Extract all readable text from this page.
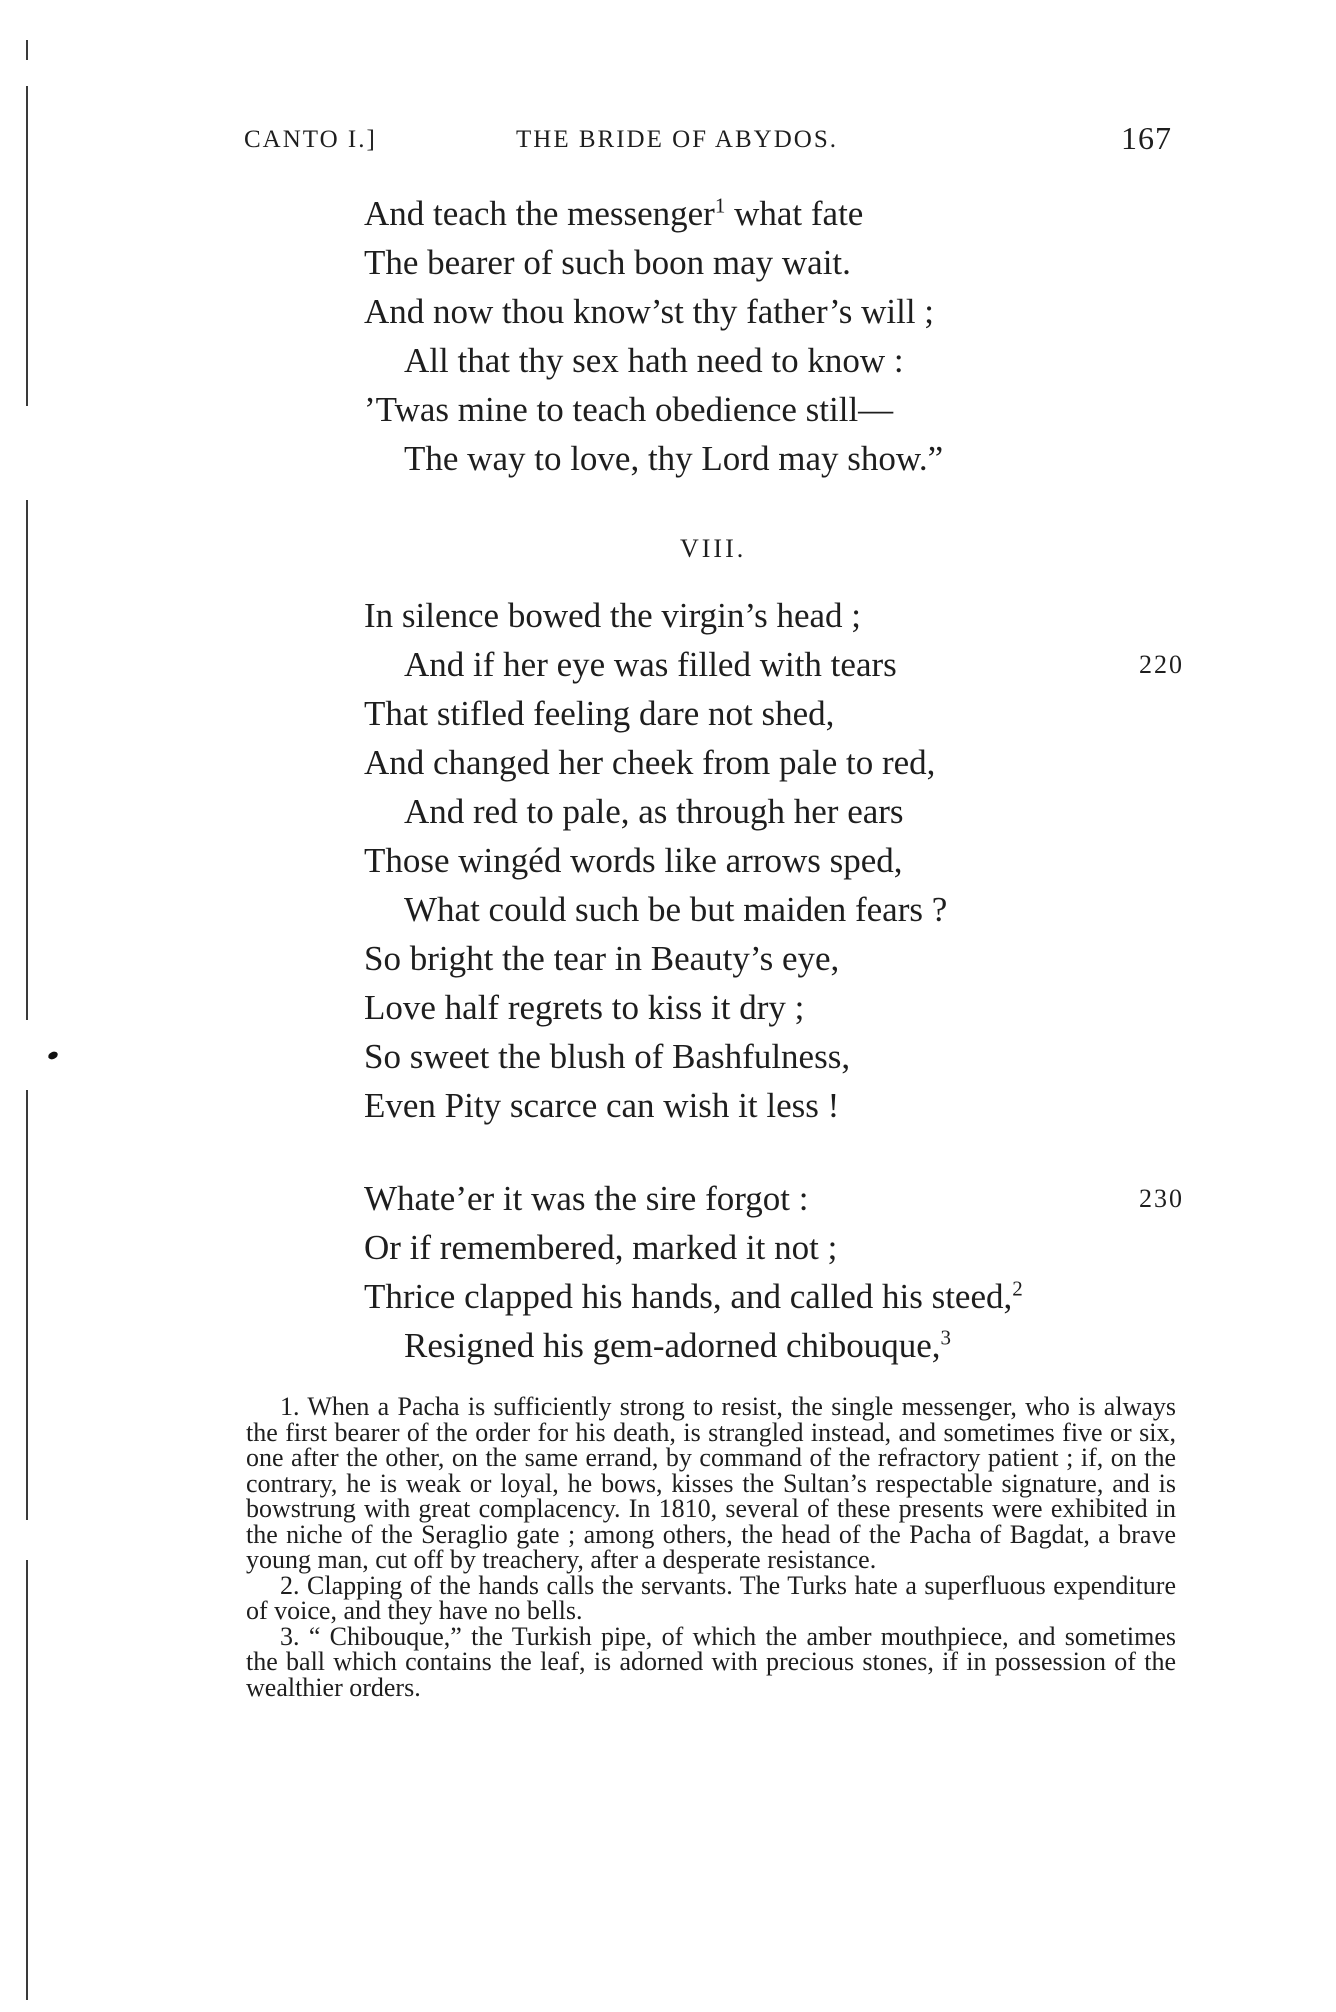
CANTO I.]	THE BRIDE OF ABYDOS.	167
And teach the messenger$^1$ what fate
The bearer of such boon may wait.
And now thou know’st thy father’s will ;
All that thy sex hath need to know :
’Twas mine to teach obedience still—
The way to love, thy Lord may show.”
In silence bowed the virgin’s head ;
And if her eye was filled with tears	220
That stifled feeling dare not shed,
And changed her cheek from pale to red,
And red to pale, as through her ears
Those wingéd words like arrows sped,
What could such be but maiden fears ?
So bright the tear in Beauty’s eye,
Love half regrets to kiss it dry ;
So sweet the blush of Bashfulness,
Even Pity scarce can wish it less !
Whate’er it was the sire forgot :	230
Or if remembered, marked it not ;
Thrice clapped his hands, and called his steed,$^2$
Resigned his gem-adorned chibouque,$^3$
VIII.

1. When a Pacha is sufficiently strong to resist, the single messenger, who is always the first bearer of the order for his death, is strangled instead, and sometimes five or six, one after the other, on the same errand, by command of the refractory patient ; if, on the contrary, he is weak or loyal, he bows, kisses the Sultan’s respectable signature, and is bowstrung with great complacency. In 1810, several of these presents were exhibited in the niche of the Seraglio gate ; among others, the head of the Pacha of Bagdat, a brave young man, cut off by treachery, after a desperate resistance.

2. Clapping of the hands calls the servants. The Turks hate a superfluous expenditure of voice, and they have no bells.

3. “ Chibouque,” the Turkish pipe, of which the amber mouthpiece, and sometimes the ball which contains the leaf, is adorned with precious stones, if in possession of the wealthier orders.
